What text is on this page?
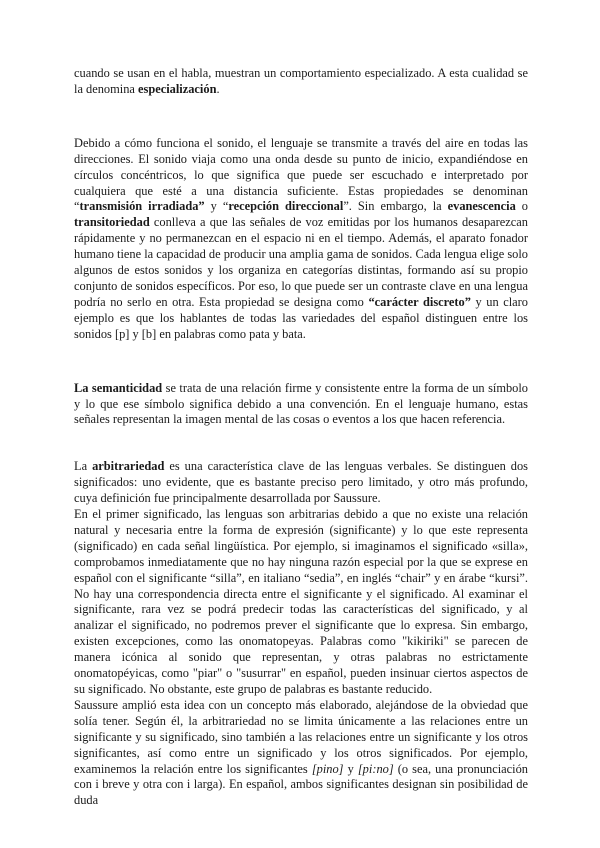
cuando se usan en el habla, muestran un comportamiento especializado. A esta cualidad se la denomina especialización.

Debido a cómo funciona el sonido, el lenguaje se transmite a través del aire en todas las direcciones. El sonido viaja como una onda desde su punto de inicio, expandiéndose en círculos concéntricos, lo que significa que puede ser escuchado e interpretado por cualquiera que esté a una distancia suficiente. Estas propiedades se denominan “transmisión irradiada” y “recepción direccional”. Sin embargo, la evanescencia o transitoriedad conlleva a que las señales de voz emitidas por los humanos desaparezcan rápidamente y no permanezcan en el espacio ni en el tiempo. Además, el aparato fonador humano tiene la capacidad de producir una amplia gama de sonidos. Cada lengua elige solo algunos de estos sonidos y los organiza en categorías distintas, formando así su propio conjunto de sonidos específicos. Por eso, lo que puede ser un contraste clave en una lengua podría no serlo en otra. Esta propiedad se designa como “carácter discreto” y un claro ejemplo es que los hablantes de todas las variedades del español distinguen entre los sonidos [p] y [b] en palabras como pata y bata.

La semanticidad se trata de una relación firme y consistente entre la forma de un símbolo y lo que ese símbolo significa debido a una convención. En el lenguaje humano, estas señales representan la imagen mental de las cosas o eventos a los que hacen referencia.

La arbitrariedad es una característica clave de las lenguas verbales. Se distinguen dos significados: uno evidente, que es bastante preciso pero limitado, y otro más profundo, cuya definición fue principalmente desarrollada por Saussure.

En el primer significado, las lenguas son arbitrarias debido a que no existe una relación natural y necesaria entre la forma de expresión (significante) y lo que este representa (significado) en cada señal lingüística. Por ejemplo, si imaginamos el significado «silla», comprobamos inmediatamente que no hay ninguna razón especial por la que se exprese en español con el significante “silla”, en italiano “sedia”, en inglés “chair” y en árabe “kursi”. No hay una correspondencia directa entre el significante y el significado. Al examinar el significante, rara vez se podrá predecir todas las características del significado, y al analizar el significado, no podremos prever el significante que lo expresa. Sin embargo, existen excepciones, como las onomatopeyas. Palabras como "kikiriki" se parecen de manera icónica al sonido que representan, y otras palabras no estrictamente onomatopéyicas, como "piar" o "susurrar" en español, pueden insinuar ciertos aspectos de su significado. No obstante, este grupo de palabras es bastante reducido.

Saussure amplió esta idea con un concepto más elaborado, alejándose de la obviedad que solía tener. Según él, la arbitrariedad no se limita únicamente a las relaciones entre un significante y su significado, sino también a las relaciones entre un significante y los otros significantes, así como entre un significado y los otros significados. Por ejemplo, examinemos la relación entre los significantes [pino] y [pi:no] (o sea, una pronunciación con i breve y otra con i larga). En español, ambos significantes designan sin posibilidad de duda
